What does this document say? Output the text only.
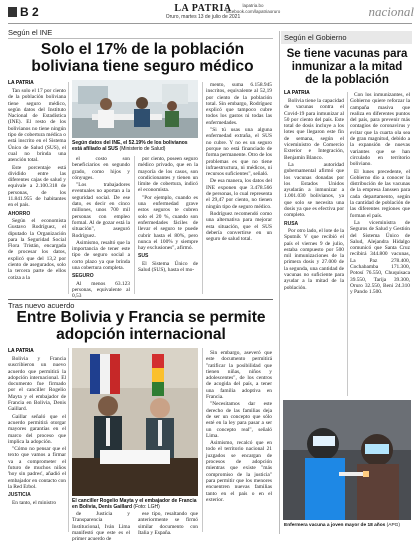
B 2	LA PATRIA
Oruro, martes 13 de julio de 2021
lapatria.bo
facebook.com/lapatriaoruro	nacional
Según el INE
Solo el 17% de la población boliviana tiene seguro médico
LA PATRIA

Tan solo el 17 por ciento de la población boliviana tiene seguro médico, según datos del Instituto Nacional de Estadística (INE). El resto de los bolivianos no tiene ningún tipo de cobertura médica o está inscrito en el Sistema Único de Salud (SUS), el cual no brinda una atención total.

Este porcentaje está dividido entre las diferentes cajas de salud y equivale a 2.100.318 de personas, de los 11.841.955 de habitantes en el país.

AHORRO

Según el economista Gustavo Rodríguez, el diputado la Organización para la Seguridad Social Flora Tristán, encargada de procesar los datos, explicó que del 13,2 por ciento de asegurados, solo la tercera parte de ellos cotiza a la

Según datos del INE, el 52.19% de los bolivianos está afiliado al SUS (Ministerio de Salud)

el costo son beneficiarios en segundo grado, como hijos y cónyuges.

"Los trabajadores eventuales no aportan a la seguridad social. De ese dato, es decir en cinco millones, unos 700 mil personas con empleo formal. Al de gozar está la situación", aseguró Rodríguez.

Asimismo, resaltó que la importancia de tener este tipo de seguro social a corto plazo ya que brinda una cobertura completa.

SEGURO

Al menos 63.123 personas, equivalente al 0,53

por ciento, poseen seguro médico privado, que en la mayoría de los casos, son condicionantes y tienen un límite de cobertura, indicó el economista.

"Por ejemplo, cuando es una enfermedad grave estos seguros te cubren solo el 20 %, cuando son enfermedades fáciles de llevar el seguro te puede cubrir hasta el 80%, pero nunca el 100% y siempre hay exclusiones", afirmó.

SUS

El Sistema Único de Salud (SUS), hasta el mo-

mento, suma 6.158.945 inscritos, equivalente al 52,19 por ciento de la población total. Sin embargo, Rodríguez explicó que tampoco cubre todos los gastos ni todas las enfermedades.

"Si tú usas una alguna enfermedad extraña, el SUS no cubre. Y no es un seguro porque no está financiado de forma permanente. Otro de los problemas es que no tiene infraestructura, ni médicos, ni recursos suficientes", señaló.

De esa manera, los datos del INE exponen que 3.478.566 de personas, lo cual representa el 29,47 por ciento, no tienen ningún tipo de seguro médico.

Rodríguez recomendó como una alternativa para mejorar esta situación, que el SUS debería convertirse en un seguro de salud total.

Tras nuevo acuerdo
Entre Bolivia y Francia se permite adopción internacional
LA PATRIA

Bolivia y Francia suscribieron un nuevo acuerdo que permitirá la adopción internacional. El documento fue firmado por el canciller Rogelio Mayta y el embajador de Francia en Bolivia, Denis Gaillard.

Gaillar señaló que el acuerdo permitirá otorgar mayores garantías en el marco del proceso que implica la adopción.

"Cómo no pensar que el texto que vamos a firmar va a comprometer el futuro de muchos niños 'hoy sin padres', añadió el embajador en contacto con la Red Erbol.

JUSTICIA

En tanto, el ministro	El canciller Rogelio Mayta y el embajador de Francia en Bolivia, Denis Gaillard (Foto: LGH)

de Justicia y Transparencia Institucional, Iván Lima manifestó que este es el primer acuerdo de

ese tipo, resaltando que anteriormente se firmó similar documento con Italia y España.

Sin embargo, aseveró que este documento permitirá "ratificar la posibilidad que tienen niñas, niños y adolescentes", de los centros de acogida del país, a tener una familia adoptiva en Francia.

"Necesitamos dar este derecho de las familias deja de ser un concepto que sólo esté en la ley para pasar a ser un concepto real", señaló Lima.

Asimismo, recalcó que en todo el territorio nacional 21 juzgados se encargan de procesos de adopción mientras que existe "más compromiso de la justicia" para permitir que los menores encuentren nuevas familias tanto en el país o en el exterior.

Según el Gobierno
Se tiene vacunas para inmunizar a la mitad de la población
LA PATRIA

Bolivia tiene la capacidad de vacunas contra el Covid-19 para inmunizar al 50 por ciento del país. Este total de dosis incluye a los lotes que llegaron este fin de semana, según el viceministro de Comercio Exterior e Integración, Benjamín Blanco.

La autoridad gubernamental afirmó que los vacunas donadas por los Estados Unidos ayudarán a inmunizar a 1.001.030 bolivianos, ya que solo se necesita una dosis ya que es efectiva por completo.

RUSA

Por otro lado, el lote de la Sputnik V que recibió el país el viernes 9 de julio, estaba compuesto por 500 mil inmunizaciones de la primera dosis y 27.000 de la segunda, una cantidad de vacunas no suficiente para ayudar a la mitad de la población.

Con los inmunizantes, el Gobierno quiere reforzar la campaña masiva que realiza en diferentes puntos del país, para prevenir más contagios de coronavirus y evitar que la cuarta ola sea de gran magnitud, debido a la expansión de nuevas variantes que se han circulado en territorio boliviano.

El lunes precedente, el Gobierno dio a conocer la distribución de las vacunas de la empresa Janssen para cada departamento, según la cantidad de población de las diferentes regiones que forman el país.

La viceministra de Seguros de Salud y Gestión del Sistema Único de Salud, Alejandra Hidalgo comunicó que Santa Cruz recibirá 344.800 vacunas, La Paz 278.400, Cochabamba 171.300, Potosí 76.550, Chuquisaca 39.550, Tarija 39.300, Oruro 32.550, Beni 24.310 y Pando 1.500.

Enfermera vacuna a joven mayor de 18 años (APG)
